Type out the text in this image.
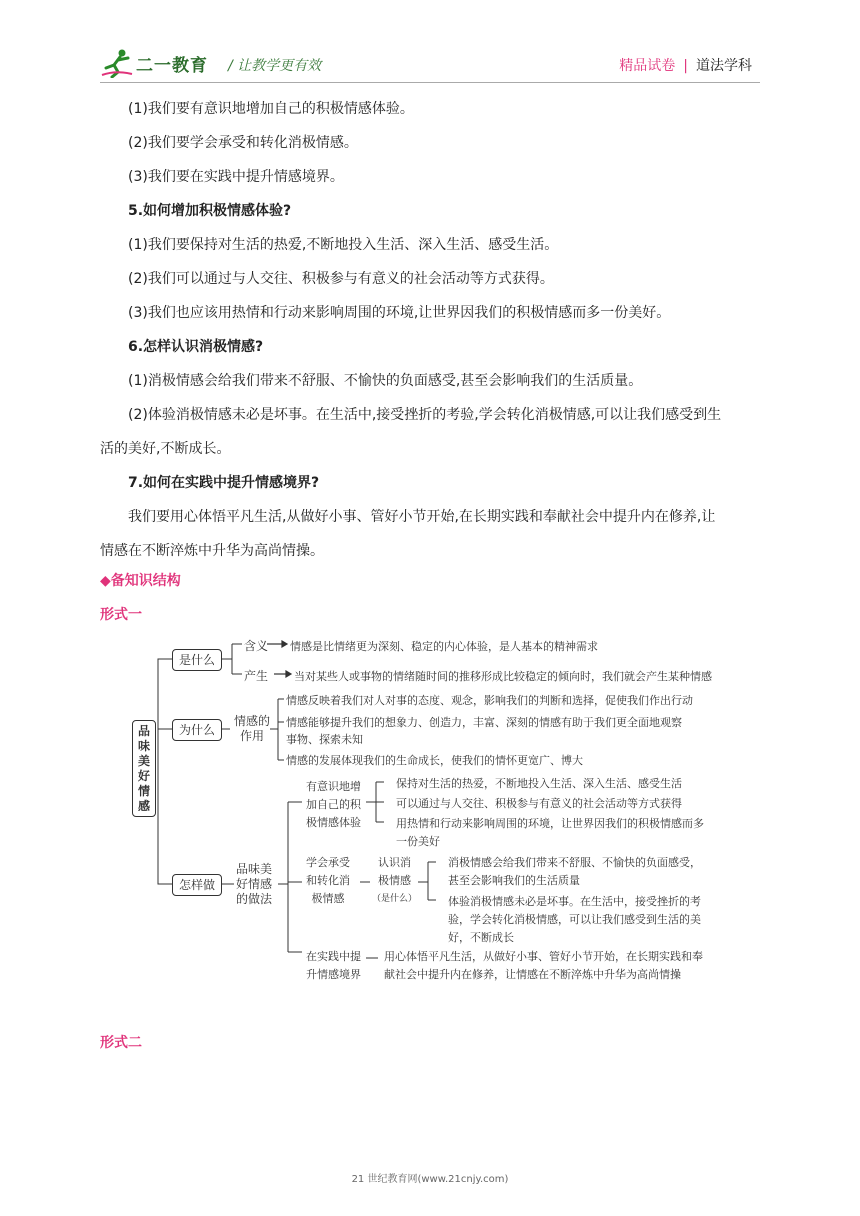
二一教育 / 让教学更有效	精品试卷 | 道法学科

(1)我们要有意识地增加自己的积极情感体验。

(2)我们要学会承受和转化消极情感。

(3)我们要在实践中提升情感境界。

5.如何增加积极情感体验?

(1)我们要保持对生活的热爱,不断地投入生活、深入生活、感受生活。

(2)我们可以通过与人交往、积极参与有意义的社会活动等方式获得。

(3)我们也应该用热情和行动来影响周围的环境,让世界因我们的积极情感而多一份美好。

6.怎样认识消极情感?

(1)消极情感会给我们带来不舒服、不愉快的负面感受,甚至会影响我们的生活质量。

(2)体验消极情感未必是坏事。在生活中,接受挫折的考验,学会转化消极情感,可以让我们感受到生

活的美好,不断成长。

7.如何在实践中提升情感境界?

我们要用心体悟平凡生活,从做好小事、管好小节开始,在长期实践和奉献社会中提升内在修养,让

情感在不断淬炼中升华为高尚情操。

◆备知识结构
形式一
品味美好情感
是什么
含义 情感是比情绪更为深刻、稳定的内心体验，是人基本的精神需求
产生 当对某些人或事物的情绪随时间的推移形成比较稳定的倾向时，我们就会产生某种情感
为什么
情感的
作用
情感反映着我们对人对事的态度、观念，影响我们的判断和选择，促使我们作出行动
情感能够提升我们的想象力、创造力，丰富、深刻的情感有助于我们更全面地观察
事物、探索未知
情感的发展体现我们的生命成长，使我们的情怀更宽广、博大
怎样做
品味美
好情感
的做法
有意识地增
加自己的积
极情感体验
保持对生活的热爱，不断地投入生活、深入生活、感受生活
可以通过与人交往、积极参与有意义的社会活动等方式获得
用热情和行动来影响周围的环境，让世界因我们的积极情感而多
一份美好
学会承受
和转化消
极情感
认识消
极情感
（是什么）
消极情感会给我们带来不舒服、不愉快的负面感受，
甚至会影响我们的生活质量
体验消极情感未必是坏事。在生活中，接受挫折的考
验，学会转化消极情感，可以让我们感受到生活的美
好，不断成长
在实践中提
升情感境界
用心体悟平凡生活，从做好小事、管好小节开始，在长期实践和奉
献社会中提升内在修养，让情感在不断淬炼中升华为高尚情操
形式二
21 世纪教育网(www.21cnjy.com)
